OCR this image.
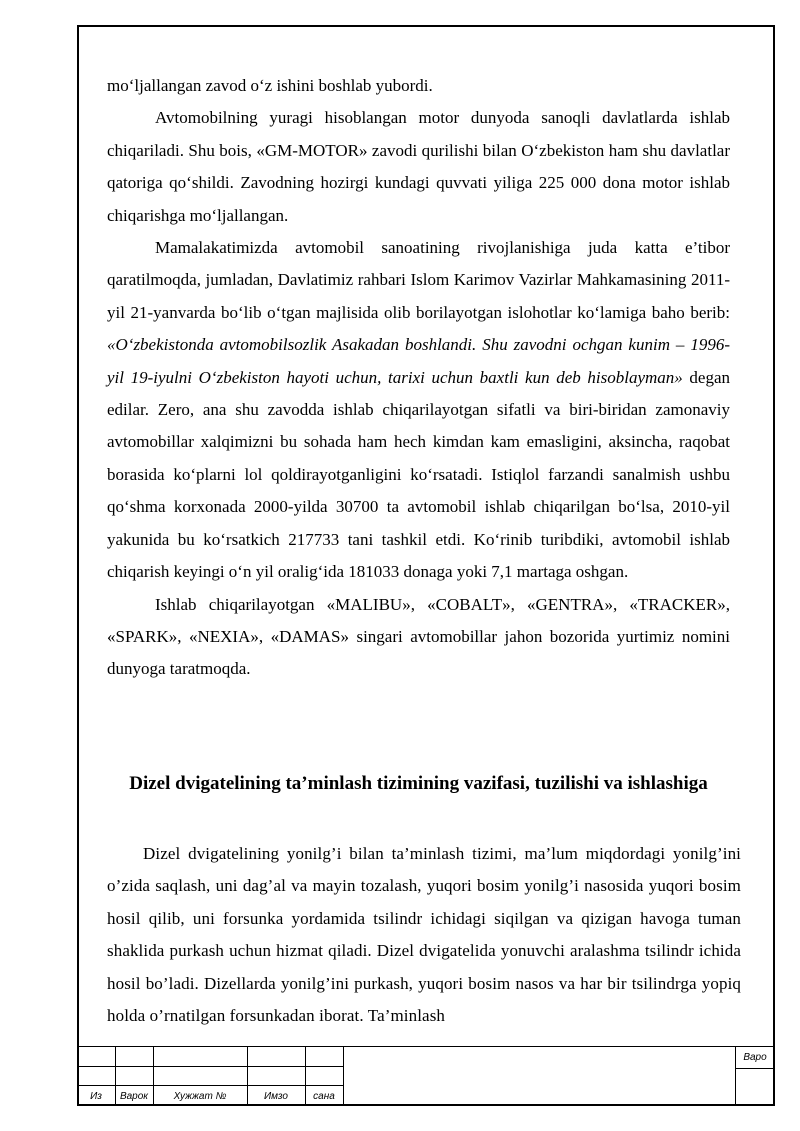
mo‘ljallangan zavod o‘z ishini boshlab yubordi.

Avtomobilning yuragi hisoblangan motor dunyoda sanoqli davlatlarda ishlab chiqariladi. Shu bois, «GM-MOTOR» zavodi qurilishi bilan O‘zbekiston ham shu davlatlar qatoriga qo‘shildi. Zavodning hozirgi kundagi quvvati yiliga 225 000 dona motor ishlab chiqarishga mo‘ljallangan.

Mamalakatimizda avtomobil sanoatining rivojlanishiga juda katta e’tibor qaratilmoqda, jumladan, Davlatimiz rahbari Islom Karimov Vazirlar Mahkamasining 2011-yil 21-yanvarda bo‘lib o‘tgan majlisida olib borilayotgan islohotlar ko‘lamiga baho berib: «O‘zbekistonda avtomobilsozlik Asakadan boshlandi. Shu zavodni ochgan kunim – 1996-yil 19-iyulni O‘zbekiston hayoti uchun, tarixi uchun baxtli kun deb hisoblayman» degan edilar. Zero, ana shu zavodda ishlab chiqarilayotgan sifatli va biri-biridan zamonaviy avtomobillar xalqimizni bu sohada ham hech kimdan kam emasligini, aksincha, raqobat borasida ko‘plarni lol qoldirayotganligini ko‘rsatadi. Istiqlol farzandi sanalmish ushbu qo‘shma korxonada 2000-yilda 30700 ta avtomobil ishlab chiqarilgan bo‘lsa, 2010-yil yakunida bu ko‘rsatkich 217733 tani tashkil etdi. Ko‘rinib turibdiki, avtomobil ishlab chiqarish keyingi o‘n yil oralig‘ida 181033 donaga yoki 7,1 martaga oshgan.

Ishlab chiqarilayotgan «MALIBU», «COBALT», «GENTRA», «TRACKER», «SPARK», «NEXIA», «DAMAS» singari avtomobillar jahon bozorida yurtimiz nomini dunyoga taratmoqda.

Dizel dvigatelining ta’minlash tizimining vazifasi, tuzilishi va ishlashiga

Dizel dvigatelining yonilg’i bilan ta’minlash tizimi, ma’lum miqdordagi yonilg’ini o’zida saqlash, uni dag’al va mayin tozalash, yuqori bosim yonilg’i nasosida yuqori bosim hosil qilib, uni forsunka yordamida tsilindr ichidagi siqilgan va qizigan havoga tuman shaklida purkash uchun hizmat qiladi. Dizel dvigatelida yonuvchi aralashma tsilindr ichida hosil bo’ladi. Dizellarda yonilg’ini purkash, yuqori bosim nasos va har bir tsilindrga yopiq holda o’rnatilgan forsunkadan iborat. Ta’minlash

Из	Варок	Хужжат №	Имзо	сана
Варо
